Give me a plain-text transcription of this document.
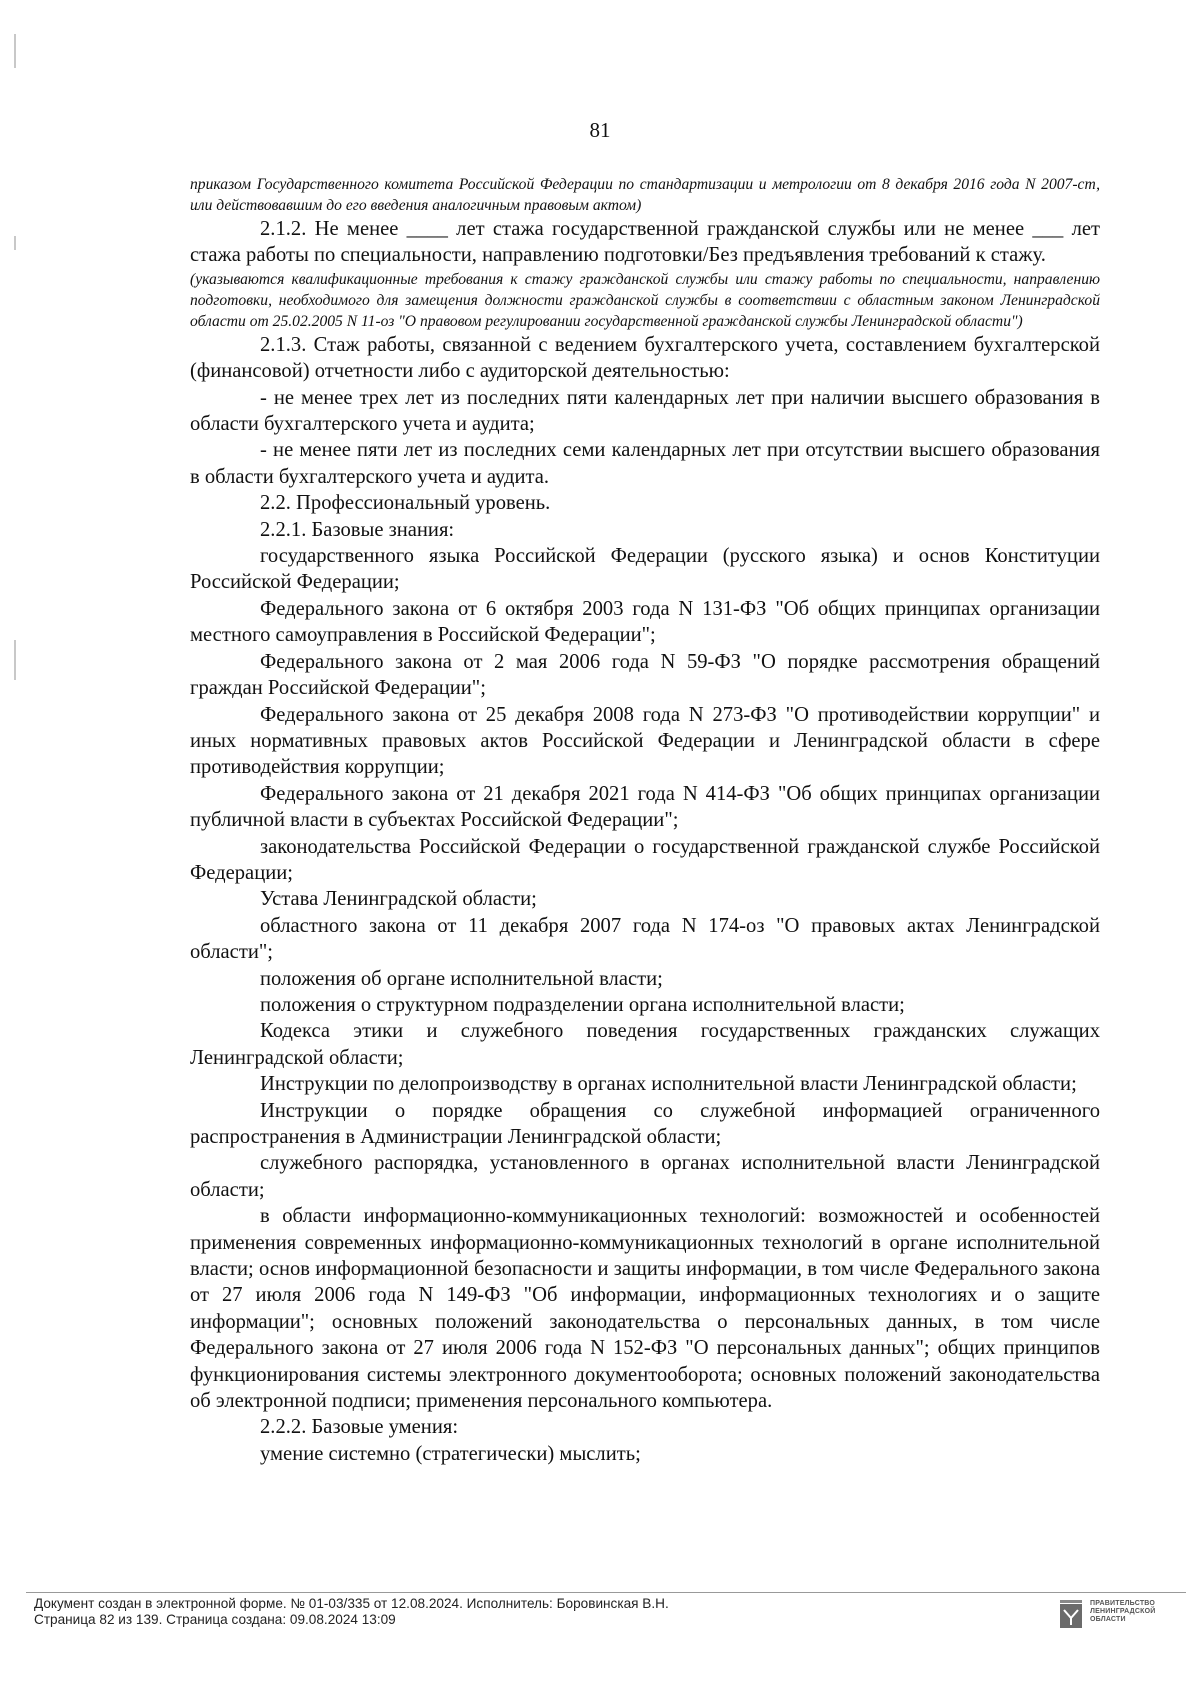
81

приказом Государственного комитета Российской Федерации по стандартизации и метрологии от 8 декабря 2016 года N 2007-ст, или действовавшим до его введения аналогичным правовым актом)

2.1.2. Не менее ____ лет стажа государственной гражданской службы или не менее ___ лет стажа работы по специальности, направлению подготовки/Без предъявления требований к стажу.

(указываются квалификационные требования к стажу гражданской службы или стажу работы по специальности, направлению подготовки, необходимого для замещения должности гражданской службы в соответствии с областным законом Ленинградской области от 25.02.2005 N 11-оз "О правовом регулировании государственной гражданской службы Ленинградской области")

2.1.3. Стаж работы, связанной с ведением бухгалтерского учета, составлением бухгалтерской (финансовой) отчетности либо с аудиторской деятельностью:

- не менее трех лет из последних пяти календарных лет при наличии высшего образования в области бухгалтерского учета и аудита;

- не менее пяти лет из последних семи календарных лет при отсутствии высшего образования в области бухгалтерского учета и аудита.

2.2. Профессиональный уровень.

2.2.1. Базовые знания:

государственного языка Российской Федерации (русского языка) и основ Конституции Российской Федерации;

Федерального закона от 6 октября 2003 года N 131-ФЗ "Об общих принципах организации местного самоуправления в Российской Федерации";

Федерального закона от 2 мая 2006 года N 59-ФЗ "О порядке рассмотрения обращений граждан Российской Федерации";

Федерального закона от 25 декабря 2008 года N 273-ФЗ "О противодействии коррупции" и иных нормативных правовых актов Российской Федерации и Ленинградской области в сфере противодействия коррупции;

Федерального закона от 21 декабря 2021 года N 414-ФЗ "Об общих принципах организации публичной власти в субъектах Российской Федерации";

законодательства Российской Федерации о государственной гражданской службе Российской Федерации;

Устава Ленинградской области;

областного закона от 11 декабря 2007 года N 174-оз "О правовых актах Ленинградской области";

положения об органе исполнительной власти;

положения о структурном подразделении органа исполнительной власти;

Кодекса этики и служебного поведения государственных гражданских служащих Ленинградской области;

Инструкции по делопроизводству в органах исполнительной власти Ленинградской области;

Инструкции о порядке обращения со служебной информацией ограниченного распространения в Администрации Ленинградской области;

служебного распорядка, установленного в органах исполнительной власти Ленинградской области;

в области информационно-коммуникационных технологий: возможностей и особенностей применения современных информационно-коммуникационных технологий в органе исполнительной власти; основ информационной безопасности и защиты информации, в том числе Федерального закона от 27 июля 2006 года N 149-ФЗ "Об информации, информационных технологиях и о защите информации"; основных положений законодательства о персональных данных, в том числе Федерального закона от 27 июля 2006 года N 152-ФЗ "О персональных данных"; общих принципов функционирования системы электронного документооборота; основных положений законодательства об электронной подписи; применения персонального компьютера.

2.2.2. Базовые умения:

умение системно (стратегически) мыслить;

Документ создан в электронной форме. № 01-03/335 от 12.08.2024. Исполнитель: Боровинская В.Н.
Страница 82 из 139. Страница создана: 09.08.2024 13:09
ПРАВИТЕЛЬСТВО
ЛЕНИНГРАДСКОЙ
ОБЛАСТИ
